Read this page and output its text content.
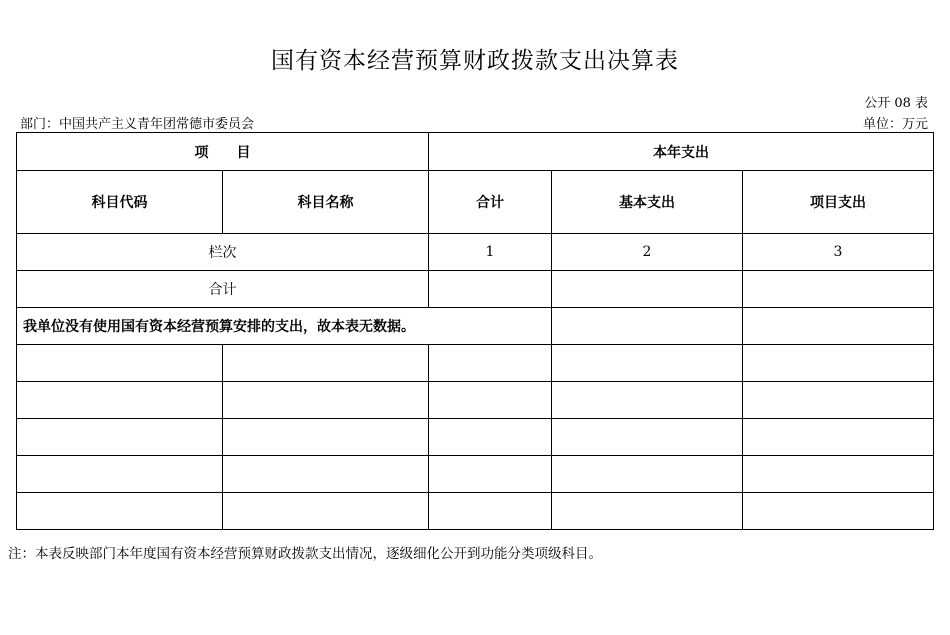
国有资本经营预算财政拨款支出决算表
公开 08 表
部门：中国共产主义青年团常德市委员会	单位：万元
项　　目		本年支出		
科目代码	科目名称	合计	基本支出	项目支出
栏次		1	2	3
合计				
我单位没有使用国有资本经营预算安排的支出，故本表无数据。				

注：本表反映部门本年度国有资本经营预算财政拨款支出情况，逐级细化公开到功能分类项级科目。
